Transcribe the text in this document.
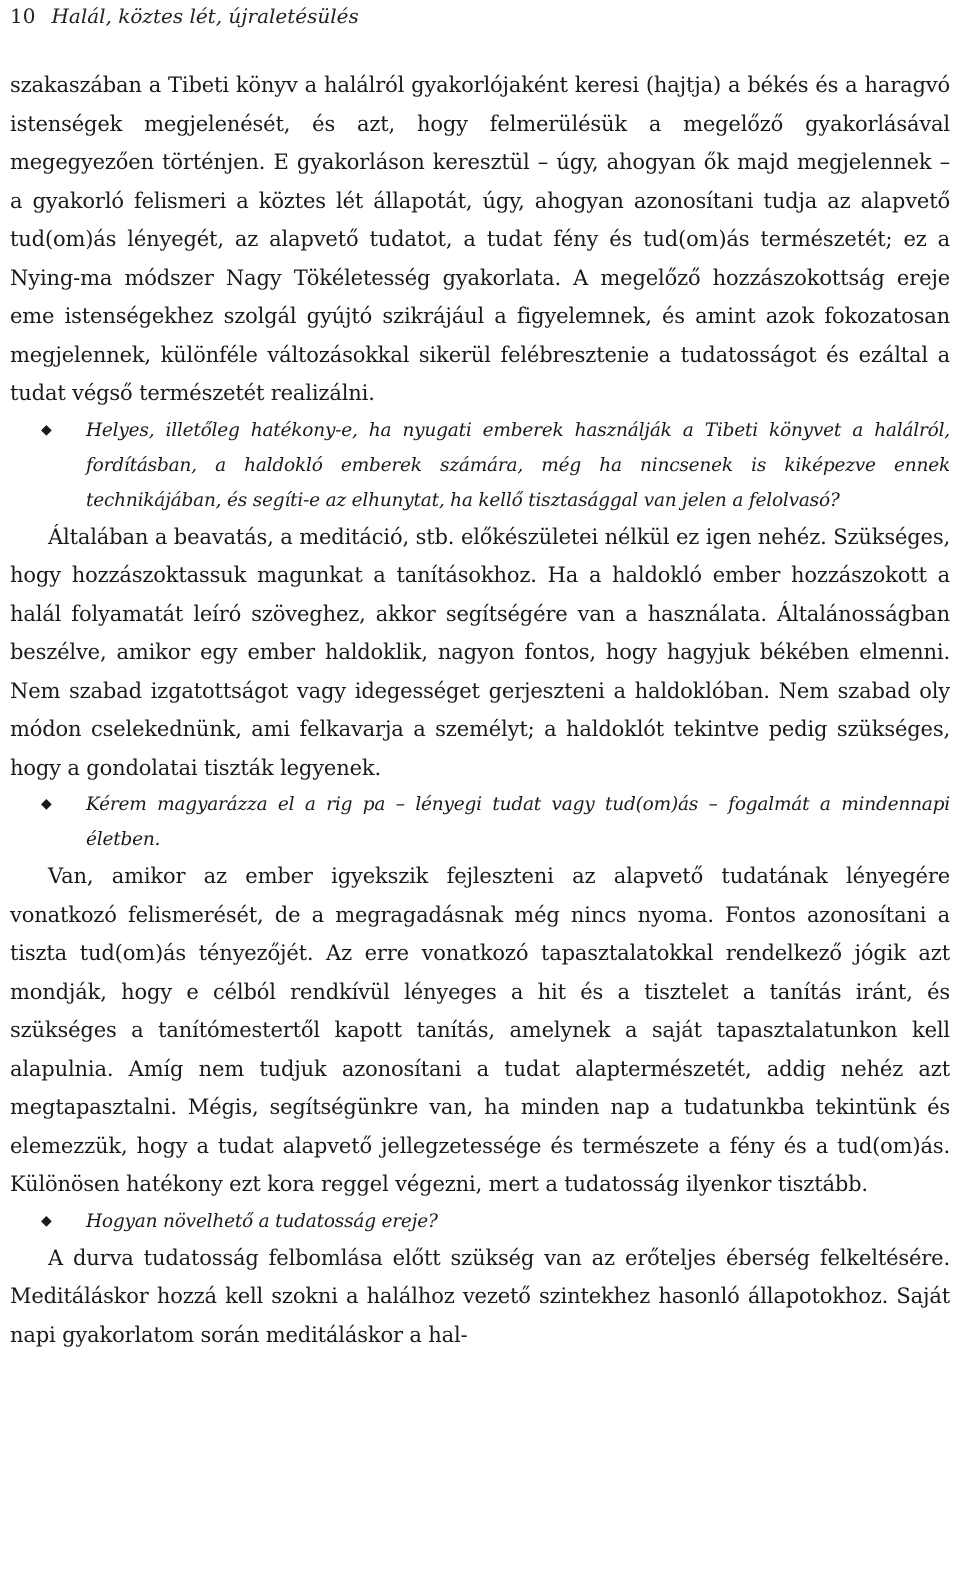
10 Halál, köztes lét, újraletésülés

szakaszában a Tibeti könyv a halálról gyakorlójaként keresi (hajtja) a békés és a haragvó istenségek megjelenését, és azt, hogy felmerülésük a megelőző gyakorlásával megegyezően történjen. E gyakorláson keresztül – úgy, ahogyan ők majd megjelennek – a gyakorló felismeri a köztes lét állapotát, úgy, ahogyan azonosítani tudja az alapvető tud(om)ás lényegét, az alapvető tudatot, a tudat fény és tud(om)ás természetét; ez a Nying-ma módszer Nagy Tökéletesség gyakorlata. A megelőző hozzászokottság ereje eme istenségekhez szolgál gyújtó szikrájául a figyelemnek, és amint azok fokozatosan megjelennek, különféle változásokkal sikerül felébresztenie a tudatosságot és ezáltal a tudat végső természetét realizálni.

◆ Helyes, illetőleg hatékony-e, ha nyugati emberek használják a Tibeti könyvet a halálról, fordításban, a haldokló emberek számára, még ha nincsenek is kiképezve ennek technikájában, és segíti-e az elhunytat, ha kellő tisztasággal van jelen a felolvasó?

Általában a beavatás, a meditáció, stb. előkészületei nélkül ez igen nehéz. Szükséges, hogy hozzászoktassuk magunkat a tanításokhoz. Ha a haldokló ember hozzászokott a halál folyamatát leíró szöveghez, akkor segítségére van a használata. Általánosságban beszélve, amikor egy ember haldoklik, nagyon fontos, hogy hagyjuk békében elmenni. Nem szabad izgatottságot vagy idegességet gerjeszteni a haldoklóban. Nem szabad oly módon cselekednünk, ami felkavarja a személyt; a haldoklót tekintve pedig szükséges, hogy a gondolatai tiszták legyenek.

◆ Kérem magyarázza el a rig pa – lényegi tudat vagy tud(om)ás – fogalmát a mindennapi életben.

Van, amikor az ember igyekszik fejleszteni az alapvető tudatának lényegére vonatkozó felismerését, de a megragadásnak még nincs nyoma. Fontos azonosítani a tiszta tud(om)ás tényezőjét. Az erre vonatkozó tapasztalatokkal rendelkező jógik azt mondják, hogy e célból rendkívül lényeges a hit és a tisztelet a tanítás iránt, és szükséges a tanítómestertől kapott tanítás, amelynek a saját tapasztalatunkon kell alapulnia. Amíg nem tudjuk azonosítani a tudat alaptermészetét, addig nehéz azt megtapasztalni. Mégis, segítségünkre van, ha minden nap a tudatunkba tekintünk és elemezzük, hogy a tudat alapvető jellegzetessége és természete a fény és a tud(om)ás. Különösen hatékony ezt kora reggel végezni, mert a tudatosság ilyenkor tisztább.

◆ Hogyan növelhető a tudatosság ereje?

A durva tudatosság felbomlása előtt szükség van az erőteljes éberség felkeltésére. Meditáláskor hozzá kell szokni a halálhoz vezető szintekhez hasonló állapotokhoz. Saját napi gyakorlatom során meditáláskor a hal-
